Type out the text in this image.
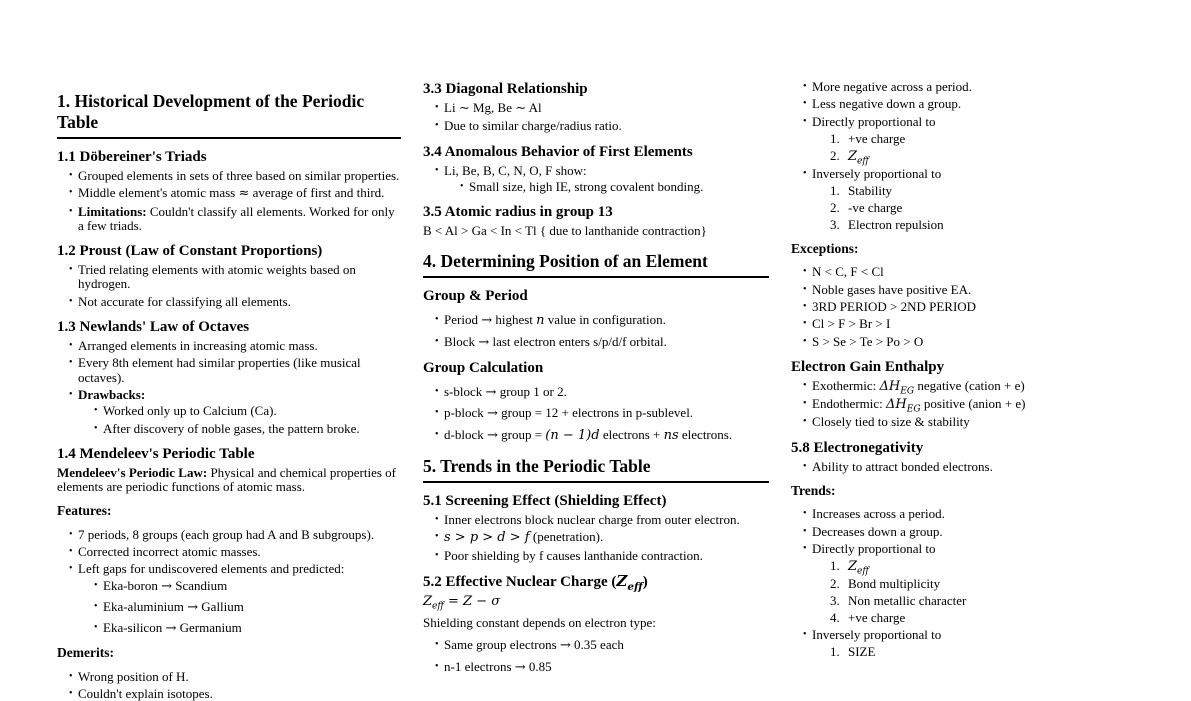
1. Historical Development of the Periodic Table
1.1 Döbereiner's Triads
• Grouped elements in sets of three based on similar properties.
• Middle element's atomic mass ≈ average of first and third.
• Limitations: Couldn't classify all elements. Worked for only a few triads.
1.2 Proust (Law of Constant Proportions)
• Tried relating elements with atomic weights based on hydrogen.
• Not accurate for classifying all elements.
1.3 Newlands' Law of Octaves
• Arranged elements in increasing atomic mass.
• Every 8th element had similar properties (like musical octaves).
• Drawbacks:
• Worked only up to Calcium (Ca).
• After discovery of noble gases, the pattern broke.
1.4 Mendeleev's Periodic Table

Mendeleev's Periodic Law: Physical and chemical properties of elements are periodic functions of atomic mass.

Features:
• 7 periods, 8 groups (each group had A and B subgroups).
• Corrected incorrect atomic masses.
• Left gaps for undiscovered elements and predicted:
• Eka-boron → Scandium
• Eka-aluminium → Gallium
• Eka-silicon → Germanium
Demerits:
• Wrong position of H.
• Couldn't explain isotopes.
3.3 Diagonal Relationship
• Li ∼ Mg, Be ∼ Al
• Due to similar charge/radius ratio.
3.4 Anomalous Behavior of First Elements
• Li, Be, B, C, N, O, F show:
• Small size, high IE, strong covalent bonding.
3.5 Atomic radius in group 13

B < Al > Ga < In < Tl { due to lanthanide contraction}

4. Determining Position of an Element
Group & Period
• Period → highest n value in configuration.
• Block → last electron enters s/p/d/f orbital.
Group Calculation
• s-block → group 1 or 2.
• p-block → group = 12 + electrons in p-sublevel.
• d-block → group = (n − 1)d electrons + ns electrons.
5. Trends in the Periodic Table
5.1 Screening Effect (Shielding Effect)
• Inner electrons block nuclear charge from outer electron.
• s > p > d > f (penetration).
• Poor shielding by f causes lanthanide contraction.
5.2 Effective Nuclear Charge $(Z_{eff})$

$Z_{eff} = Z - \sigma$

Shielding constant depends on electron type:

• Same group electrons → 0.35 each
• n-1 electrons → 0.85
• More negative across a period.
• Less negative down a group.
• Directly proportional to
1. +ve charge
2. $Z_{eff}$
• Inversely proportional to
1. Stability
2. -ve charge
3. Electron repulsion
Exceptions:
• N < C, F < Cl
• Noble gases have positive EA.
• 3RD PERIOD > 2ND PERIOD
• Cl > F > Br > I
• S > Se > Te > Po > O
Electron Gain Enthalpy
• Exothermic: $\Delta H_{EG}$ negative (cation + e)
• Endothermic: $\Delta H_{EG}$ positive (anion + e)
• Closely tied to size & stability
5.8 Electronegativity
• Ability to attract bonded electrons.
Trends:
• Increases across a period.
• Decreases down a group.
• Directly proportional to
1. $Z_{eff}$
2. Bond multiplicity
3. Non metallic character
4. +ve charge
• Inversely proportional to
1. SIZE
